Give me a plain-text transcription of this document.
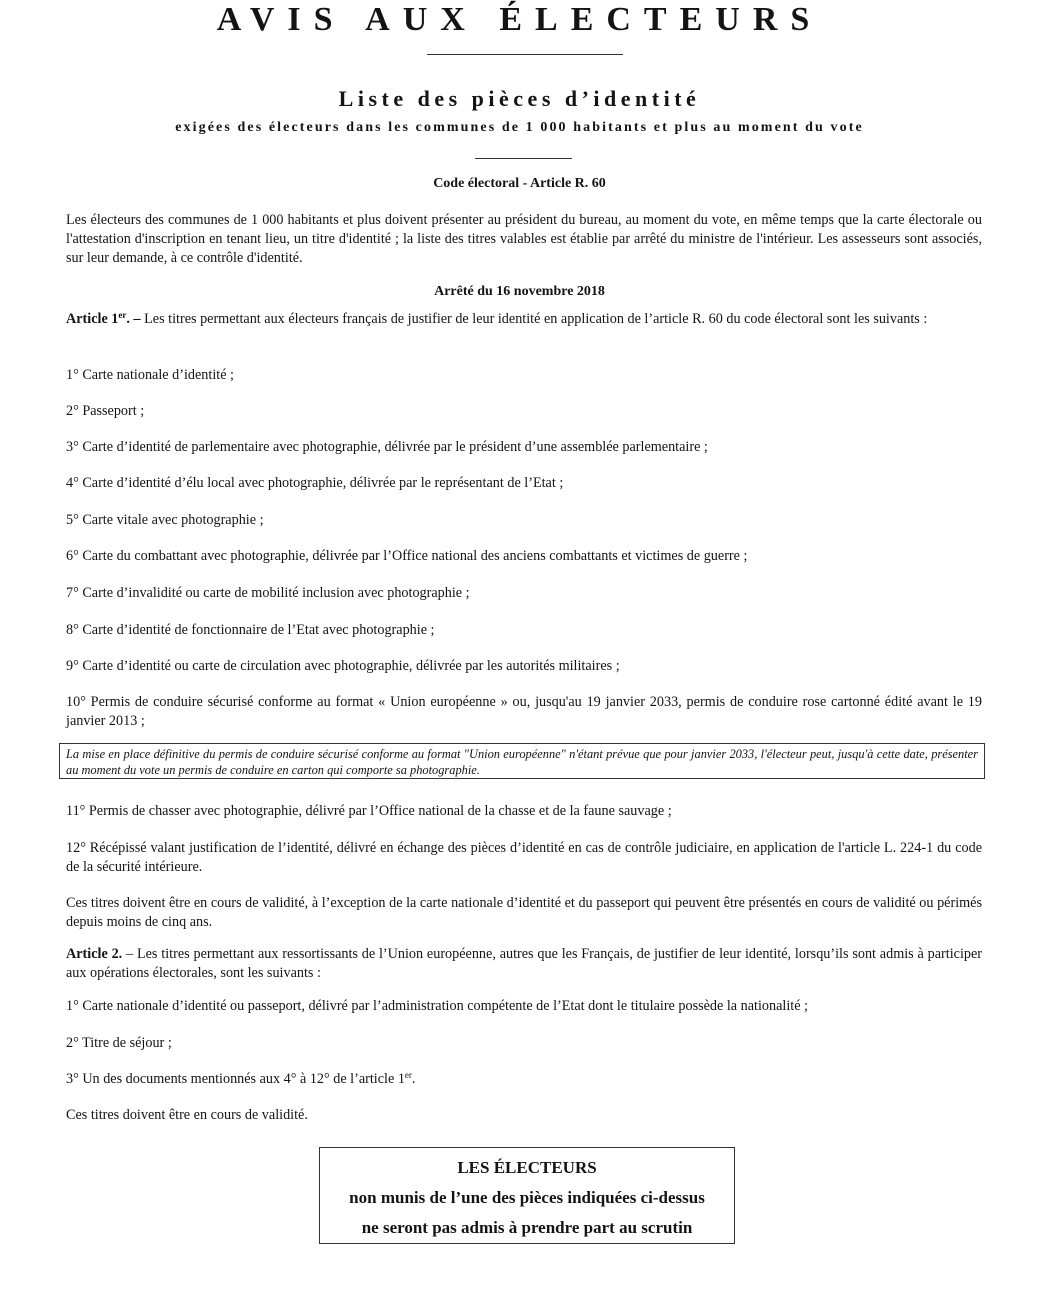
AVIS AUX ÉLECTEURS
Liste des pièces d’identité
exigées des électeurs dans les communes de 1 000 habitants et plus au moment du vote
Code électoral - Article R. 60
Les électeurs des communes de 1 000 habitants et plus doivent présenter au président du bureau, au moment du vote, en même temps que la carte électorale ou l'attestation d'inscription en tenant lieu, un titre d'identité ; la liste des titres valables est établie par arrêté du ministre de l'intérieur. Les assesseurs sont associés, sur leur demande, à ce contrôle d'identité.
Arrêté du 16 novembre 2018
Article 1er. – Les titres permettant aux électeurs français de justifier de leur identité en application de l’article R. 60 du code électoral sont les suivants :
1° Carte nationale d’identité ;
2° Passeport ;
3° Carte d’identité de parlementaire avec photographie, délivrée par le président d’une assemblée parlementaire ;
4° Carte d’identité d’élu local avec photographie, délivrée par le représentant de l’Etat ;
5° Carte vitale avec photographie ;
6° Carte du combattant avec photographie, délivrée par l’Office national des anciens combattants et victimes de guerre ;
7° Carte d’invalidité ou carte de mobilité inclusion avec photographie ;
8° Carte d’identité de fonctionnaire de l’Etat avec photographie ;
9° Carte d’identité ou carte de circulation avec photographie, délivrée par les autorités militaires ;
10° Permis de conduire sécurisé conforme au format « Union européenne » ou, jusqu'au 19 janvier 2033, permis de conduire rose cartonné édité avant le 19 janvier 2013 ;
La mise en place définitive du permis de conduire sécurisé conforme au format "Union européenne" n'étant prévue que pour janvier 2033, l'électeur peut, jusqu'à cette date, présenter au moment du vote un permis de conduire en carton qui comporte sa photographie.
11° Permis de chasser avec photographie, délivré par l’Office national de la chasse et de la faune sauvage ;
12° Récépissé valant justification de l’identité, délivré en échange des pièces d’identité en cas de contrôle judiciaire, en application de l'article L. 224-1 du code de la sécurité intérieure.
Ces titres doivent être en cours de validité, à l’exception de la carte nationale d’identité et du passeport qui peuvent être présentés en cours de validité ou périmés depuis moins de cinq ans.
Article 2. – Les titres permettant aux ressortissants de l’Union européenne, autres que les Français, de justifier de leur identité, lorsqu’ils sont admis à participer aux opérations électorales, sont les suivants :
1° Carte nationale d’identité ou passeport, délivré par l’administration compétente de l’Etat dont le titulaire possède la nationalité ;
2° Titre de séjour ;
3° Un des documents mentionnés aux 4° à 12° de l’article 1er.
Ces titres doivent être en cours de validité.
LES ÉLECTEURS
non munis de l’une des pièces indiquées ci-dessus
ne seront pas admis à prendre part au scrutin
